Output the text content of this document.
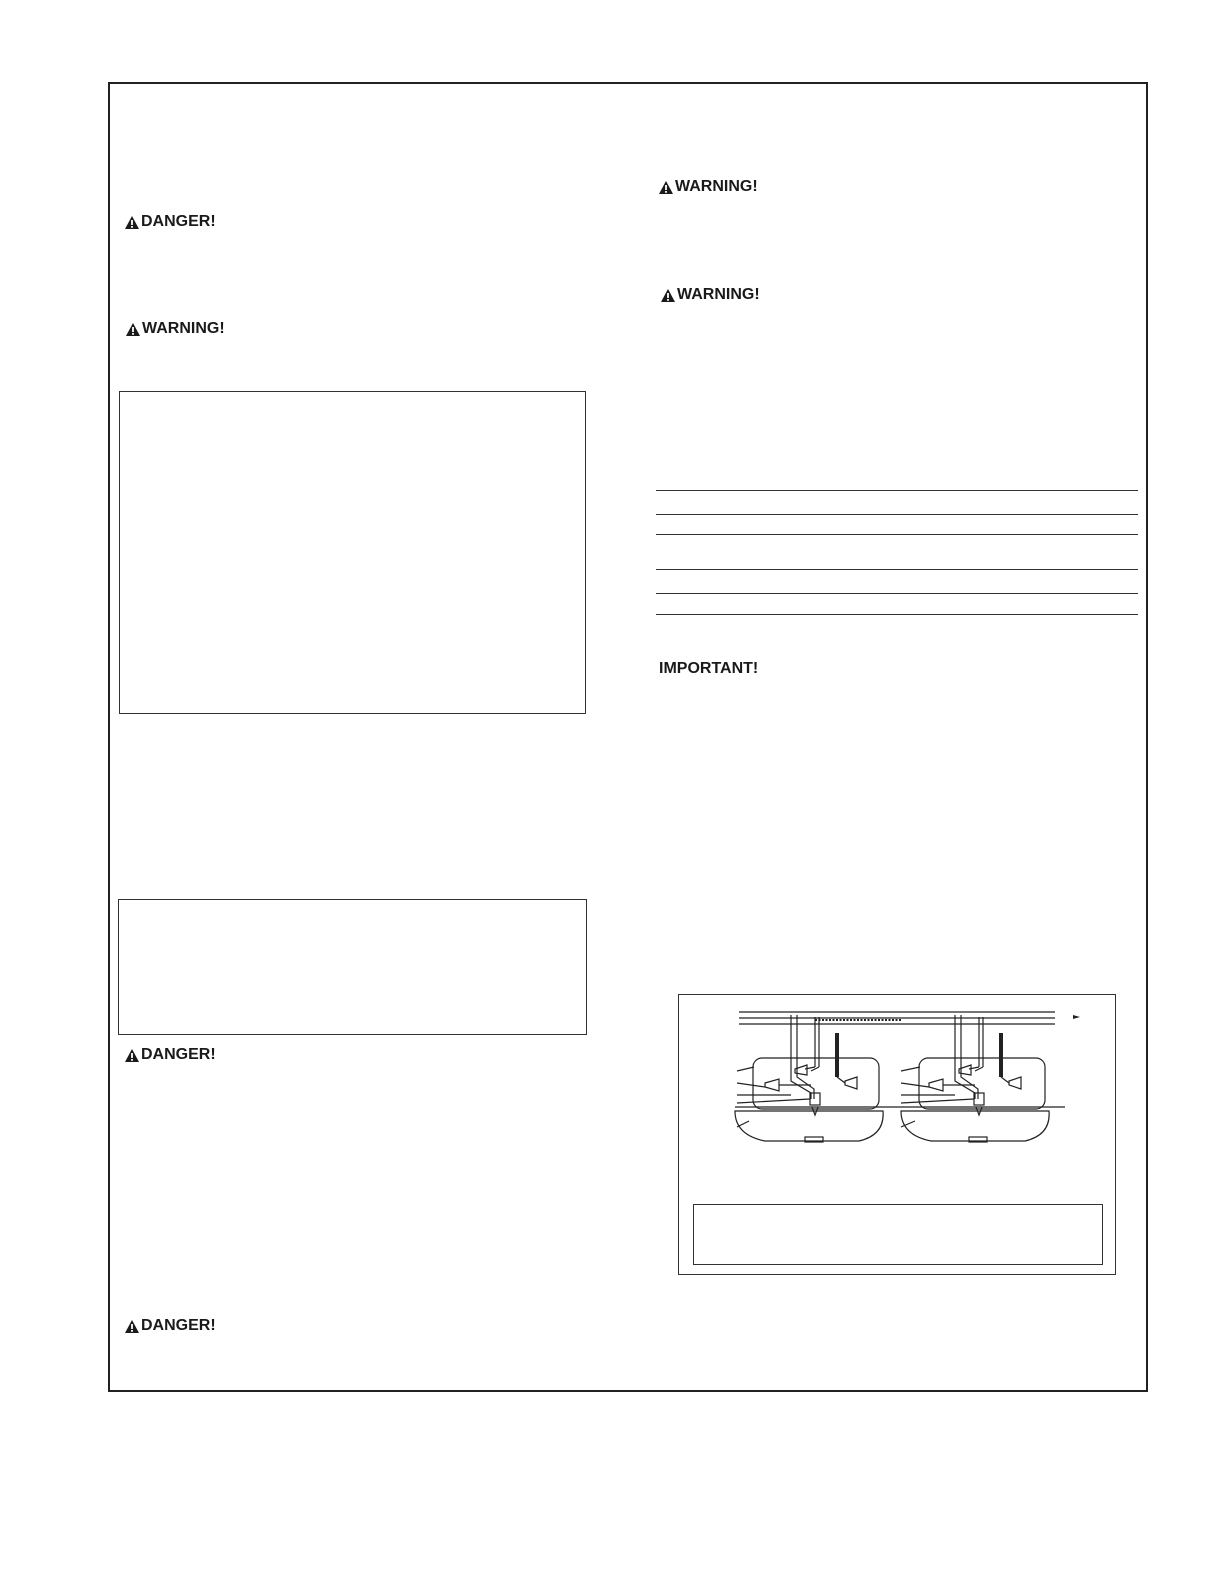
DANGER!
WARNING!
DANGER!
DANGER!
WARNING!
WARNING!
IMPORTANT!
